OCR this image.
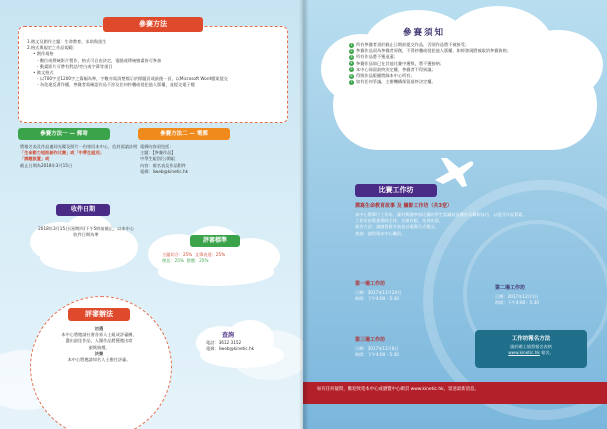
參賽方法
1.徵文及創作主題：生命教育，求助與重生
2.格式與規定之作品規範：
• 創作規格
- 數位或傳統影片製作，格式可自由決定，電腦或傳統繪畫皆可參加
- 動畫影片可帶有對話/旁白或字幕等項目
• 徵文格式
- 以700字至1200字之篇幅為準，字數亦需清楚標示於標題頁或最後一頁，以Microsoft Word檔案提交
- 為免違反著作權，參賽者需確認作品不涉及任何抄襲或侵犯他人版權，並提交電子檔
參賽方法一 — 郵寄
將報名表及作品連同光碟及照片一份寄回本中心，信封面請註明
「生命動力短訊創作比賽」或「中學生組別」
「課題設置」或
截止日期為2018年3月15日
參賽方法二 — 電郵
電郵內容須包括：
主題：【參賽作品】
中學生組別/公開組
內容：報名表及作品附件
電郵：liweb@kinetic.hk
收件日期
2018年3月15日(星期四)下午5時前截止，以本中心收件日期為準
評審標準
主題切合：25% 文筆表達：25%
創意：25% 整體：25%
評審辦法
初選
本中心將邀請社會各界人士組成評審團，
選出最佳作品，入圍作品將獲邀出席
頒獎典禮。
決賽
本中心將邀請知名人士擔任評審。
查詢
電話：3612 3152
電郵：liweb@kinetic.hk
參賽須知
1 所有參賽者須於截止日期前提交作品，否則作品將不被接受；
2 參賽作品須為參賽者原創，不得抄襲或侵犯他人版權，如經發現將被取消參賽資格；
3 所有作品將不獲退還；
4 參賽作品如已在其他比賽中獲獎，將不獲接納；
5 本中心保留最終決定權，參賽者不得異議；
6 得獎作品版權將歸本中心所有；
7 如有任何爭議，主辦機構保留最終決定權。
比賽工作坊
撰寫生命教育故事 及 攝影工作坊（共3堂）
本中心將舉行工作坊，讓有興趣參加比賽的學生認識短訊創作及攝影技巧，以提升作品質素。
工作坊由專業導師主持，名額有限，先到先得。
報名方法：請填寫報名表並以電郵方式遞交。
查詢：請致電本中心職員。
第一場工作坊
日期：2017年11月24日
時間：下午4:00 - 5:30
第二場工作坊
日期：2017年12月1日
時間：下午4:00 - 5:30
第三場工作坊
日期：2017年12月8日
時間：下午4:00 - 5:30
工作坊報名方法
請於網上填寫報名表格
www.kinetic.hk 報名。
如有任何疑問，歡迎致電本中心或瀏覽中心網頁 www.kinetic.hk，留意最新消息。
